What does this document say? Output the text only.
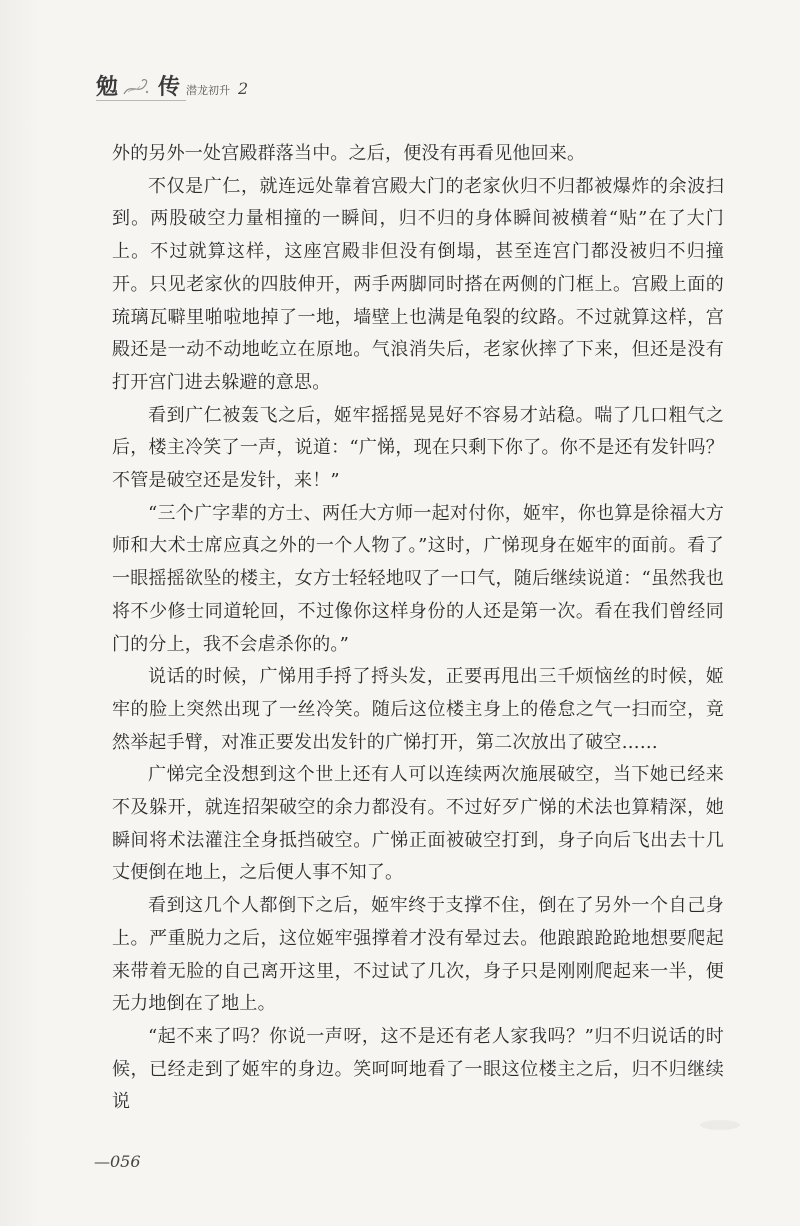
勉 传 潜龙初升 2

外的另外一处宫殿群落当中。之后，便没有再看见他回来。

不仅是广仁，就连远处靠着宫殿大门的老家伙归不归都被爆炸的余波扫到。两股破空力量相撞的一瞬间，归不归的身体瞬间被横着“贴”在了大门上。不过就算这样，这座宫殿非但没有倒塌，甚至连宫门都没被归不归撞开。只见老家伙的四肢伸开，两手两脚同时搭在两侧的门框上。宫殿上面的琉璃瓦噼里啪啦地掉了一地，墙壁上也满是龟裂的纹路。不过就算这样，宫殿还是一动不动地屹立在原地。气浪消失后，老家伙摔了下来，但还是没有打开宫门进去躲避的意思。

看到广仁被轰飞之后，姬牢摇摇晃晃好不容易才站稳。喘了几口粗气之后，楼主冷笑了一声，说道：“广悌，现在只剩下你了。你不是还有发针吗？不管是破空还是发针，来！”

“三个广字辈的方士、两任大方师一起对付你，姬牢，你也算是徐福大方师和大术士席应真之外的一个人物了。”这时，广悌现身在姬牢的面前。看了一眼摇摇欲坠的楼主，女方士轻轻地叹了一口气，随后继续说道：“虽然我也将不少修士同道轮回，不过像你这样身份的人还是第一次。看在我们曾经同门的分上，我不会虐杀你的。”

说话的时候，广悌用手捋了捋头发，正要再甩出三千烦恼丝的时候，姬牢的脸上突然出现了一丝冷笑。随后这位楼主身上的倦怠之气一扫而空，竟然举起手臂，对准正要发出发针的广悌打开，第二次放出了破空……

广悌完全没想到这个世上还有人可以连续两次施展破空，当下她已经来不及躲开，就连招架破空的余力都没有。不过好歹广悌的术法也算精深，她瞬间将术法灌注全身抵挡破空。广悌正面被破空打到，身子向后飞出去十几丈便倒在地上，之后便人事不知了。

看到这几个人都倒下之后，姬牢终于支撑不住，倒在了另外一个自己身上。严重脱力之后，这位姬牢强撑着才没有晕过去。他踉踉跄跄地想要爬起来带着无脸的自己离开这里，不过试了几次，身子只是刚刚爬起来一半，便无力地倒在了地上。

“起不来了吗？你说一声呀，这不是还有老人家我吗？”归不归说话的时候，已经走到了姬牢的身边。笑呵呵地看了一眼这位楼主之后，归不归继续说

—056
